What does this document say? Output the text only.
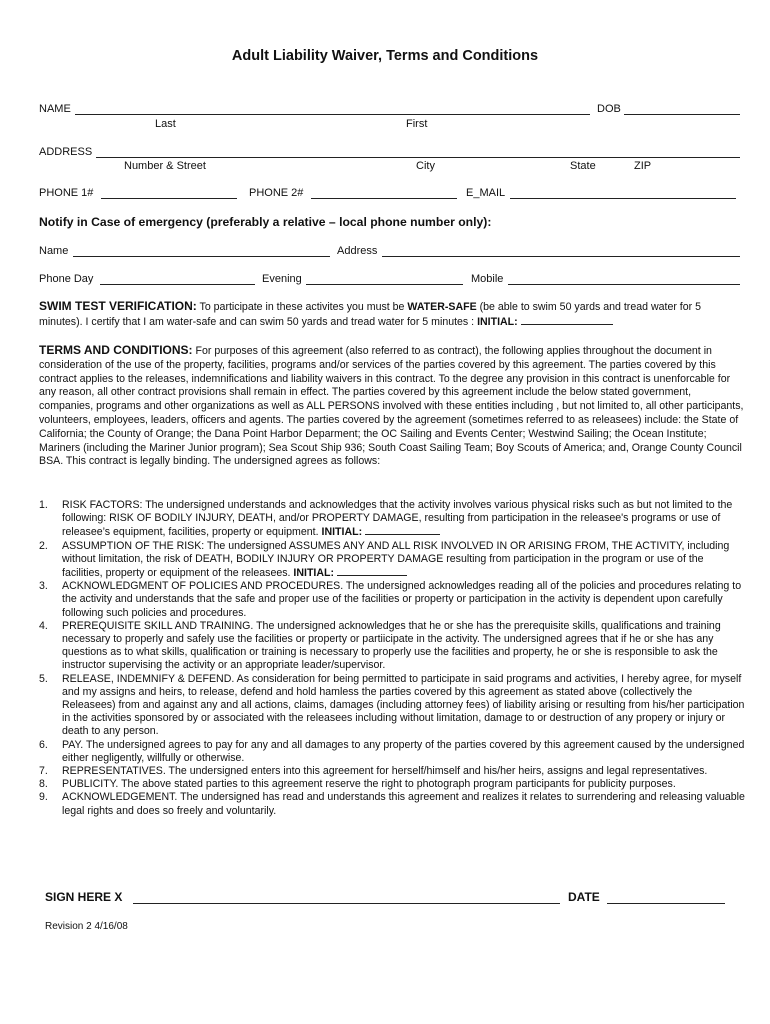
Adult Liability Waiver, Terms and Conditions
NAME	DOB
Last	First
ADDRESS
Number & Street	City	State	ZIP
PHONE 1#	PHONE 2#	E_MAIL
Notify in Case of emergency (preferably a relative – local phone number only):
Name	Address
Phone Day	Evening	Mobile
SWIM TEST VERIFICATION: To participate in these activites you must be WATER-SAFE (be able to swim 50 yards and tread water for 5 minutes). I certify that I am water-safe and can swim 50 yards and tread water for 5 minutes : INITIAL:
TERMS AND CONDITIONS: For purposes of this agreement (also referred to as contract), the following applies throughout the document in consideration of the use of the property, facilities, programs and/or services of the parties covered by this agreement. The parties covered by this contract applies to the releases, indemnifications and liability waivers in this contract. To the degree any provision in this contract is unenforcable for any reason, all other contract provisions shall remain in effect. The parties covered by this agreement include the below stated government, companies, programs and other organizations as well as ALL PERSONS involved with these entities including , but not limited to, all other participants, volunteers, employees, leaders, officers and agents. The parties covered by the agreement (sometimes referred to as releasees) include: the State of California; the County of Orange; the Dana Point Harbor Deparment; the OC Sailing and Events Center; Westwind Sailing; the Ocean Institute; Mariners (including the Mariner Junior program); Sea Scout Ship 936; South Coast Sailing Team; Boy Scouts of America; and, Orange County Council BSA. This contract is legally binding. The undersigned agrees as follows:
1. RISK FACTORS: The undersigned understands and acknowledges that the activity involves various physical risks such as but not limited to the following: RISK OF BODILY INJURY, DEATH, and/or PROPERTY DAMAGE, resulting from participation in the releasee's programs or use of releasee’s equipment, facilities, property or equipment. INITIAL:
2. ASSUMPTION OF THE RISK: The undersigned ASSUMES ANY AND ALL RISK INVOLVED IN OR ARISING FROM, THE ACTIVITY, including without limitation, the risk of DEATH, BODILY INJURY OR PROPERTY DAMAGE resulting from participation in the program or use of the facilities, property or equipment of the releasees. INITIAL:
3. ACKNOWLEDGMENT OF POLICIES AND PROCEDURES. The undersigned acknowledges reading all of the policies and procedures relating to the activity and understands that the safe and proper use of the facilities or property or participation in the activity is dependent upon carefully following such policies and procedures.
4. PREREQUISITE SKILL AND TRAINING. The undersigned acknowledges that he or she has the prerequisite skills, qualifications and training necessary to properly and safely use the facilities or property or partiicipate in the activity. The undersigned agrees that if he or she has any questions as to what skills, qualification or training is necessary to properly use the facilities and property, he or she is responsible to ask the instructor supervising the activity or an appropriate leader/supervisor.
5. RELEASE, INDEMNIFY & DEFEND. As consideration for being permitted to participate in said programs and activities, I hereby agree, for myself and my assigns and heirs, to release, defend and hold hamless the parties covered by this agreement as stated above (collectively the Releasees) from and against any and all actions, claims, damages (including attorney fees) of liability arising or resulting from his/her participation in the activities sponsored by or associated with the releasees including without limitation, damage to or destruction of any propery or injury or death to any person.
6. PAY. The undersigned agrees to pay for any and all damages to any property of the parties covered by this agreement caused by the undersigned either negligently, willfully or otherwise.
7. REPRESENTATIVES. The undersigned enters into this agreement for herself/himself and his/her heirs, assigns and legal representatives.
8. PUBLICITY. The above stated parties to this agreement reserve the right to photograph program participants for publicity purposes.
9. ACKNOWLEDGEMENT. The undersigned has read and understands this agreement and realizes it relates to surrendering and releasing valuable legal rights and does so freely and voluntarily.
SIGN HERE X	DATE
Revision 2 4/16/08
